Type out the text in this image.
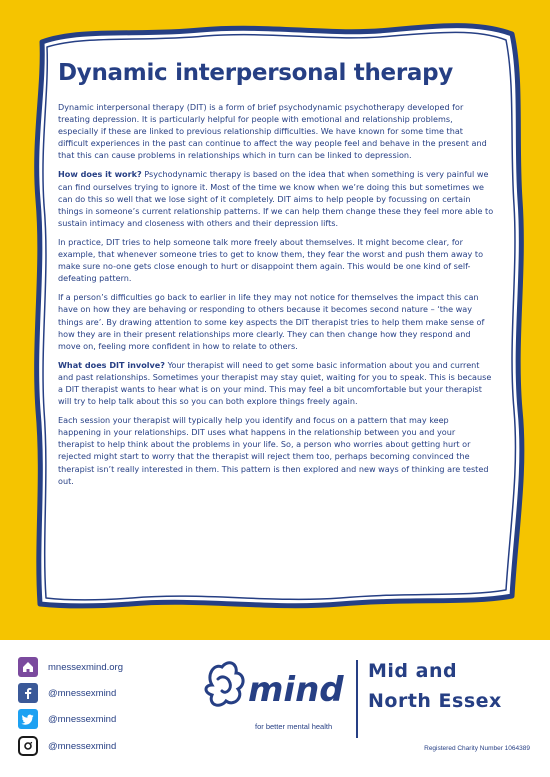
Dynamic interpersonal therapy

Dynamic interpersonal therapy (DIT) is a form of brief psychodynamic psychotherapy developed for treating depression. It is particularly helpful for people with emotional and relationship problems, especially if these are linked to previous relationship difficulties. We have known for some time that difficult experiences in the past can continue to affect the way people feel and behave in the present and that this can cause problems in relationships which in turn can be linked to depression.

How does it work? Psychodynamic therapy is based on the idea that when something is very painful we can find ourselves trying to ignore it. Most of the time we know when we’re doing this but sometimes we can do this so well that we lose sight of it completely. DIT aims to help people by focussing on certain things in someone’s current relationship patterns. If we can help them change these they feel more able to sustain intimacy and closeness with others and their depression lifts.

In practice, DIT tries to help someone talk more freely about themselves. It might become clear, for example, that whenever someone tries to get to know them, they fear the worst and push them away to make sure no-one gets close enough to hurt or disappoint them again. This would be one kind of self-defeating pattern.

If a person’s difficulties go back to earlier in life they may not notice for themselves the impact this can have on how they are behaving or responding to others because it becomes second nature – ‘the way things are’. By drawing attention to some key aspects the DIT therapist tries to help them make sense of how they are in their present relationships more clearly. They can then change how they respond and move on, feeling more confident in how to relate to others.

What does DIT involve? Your therapist will need to get some basic information about you and current and past relationships. Sometimes your therapist may stay quiet, waiting for you to speak. This is because a DIT therapist wants to hear what is on your mind. This may feel a bit uncomfortable but your therapist will try to help talk about this so you can both explore things freely again.

Each session your therapist will typically help you identify and focus on a pattern that may keep happening in your relationships. DIT uses what happens in the relationship between you and your therapist to help think about the problems in your life. So, a person who worries about getting hurt or rejected might start to worry that the therapist will reject them too, perhaps becoming convinced the therapist isn’t really interested in them. This pattern is then explored and new ways of thinking are tested out.

mnessexmind.org
@mnessexmind
@mnessexmind
@mnessexmind
mind
for better mental health
Mid and
North Essex
Registered Charity Number 1064389
